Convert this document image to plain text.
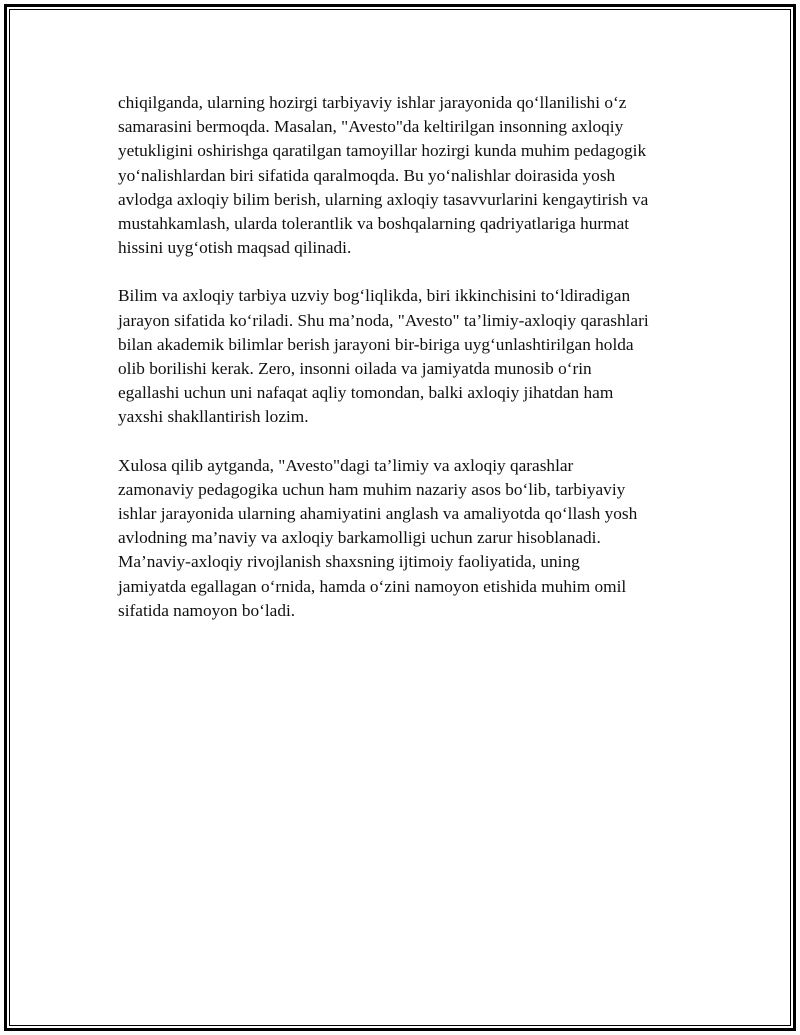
chiqilganda, ularning hozirgi tarbiyaviy ishlar jarayonida qo‘llanilishi o‘z
samarasini bermoqda. Masalan, "Avesto"da keltirilgan insonning axloqiy
yetukligini oshirishga qaratilgan tamoyillar hozirgi kunda muhim pedagogik
yo‘nalishlardan biri sifatida qaralmoqda. Bu yo‘nalishlar doirasida yosh
avlodga axloqiy bilim berish, ularning axloqiy tasavvurlarini kengaytirish va
mustahkamlash, ularda tolerantlik va boshqalarning qadriyatlariga hurmat
hissini uyg‘otish maqsad qilinadi.

Bilim va axloqiy tarbiya uzviy bog‘liqlikda, biri ikkinchisini to‘ldiradigan
jarayon sifatida ko‘riladi. Shu ma’noda, "Avesto" ta’limiy-axloqiy qarashlari
bilan akademik bilimlar berish jarayoni bir-biriga uyg‘unlashtirilgan holda
olib borilishi kerak. Zero, insonni oilada va jamiyatda munosib o‘rin
egallashi uchun uni nafaqat aqliy tomondan, balki axloqiy jihatdan ham
yaxshi shakllantirish lozim.

Xulosa qilib aytganda, "Avesto"dagi ta’limiy va axloqiy qarashlar
zamonaviy pedagogika uchun ham muhim nazariy asos bo‘lib, tarbiyaviy
ishlar jarayonida ularning ahamiyatini anglash va amaliyotda qo‘llash yosh
avlodning ma’naviy va axloqiy barkamolligi uchun zarur hisoblanadi.
Ma’naviy-axloqiy rivojlanish shaxsning ijtimoiy faoliyatida, uning
jamiyatda egallagan o‘rnida, hamda o‘zini namoyon etishida muhim omil
sifatida namoyon bo‘ladi.
